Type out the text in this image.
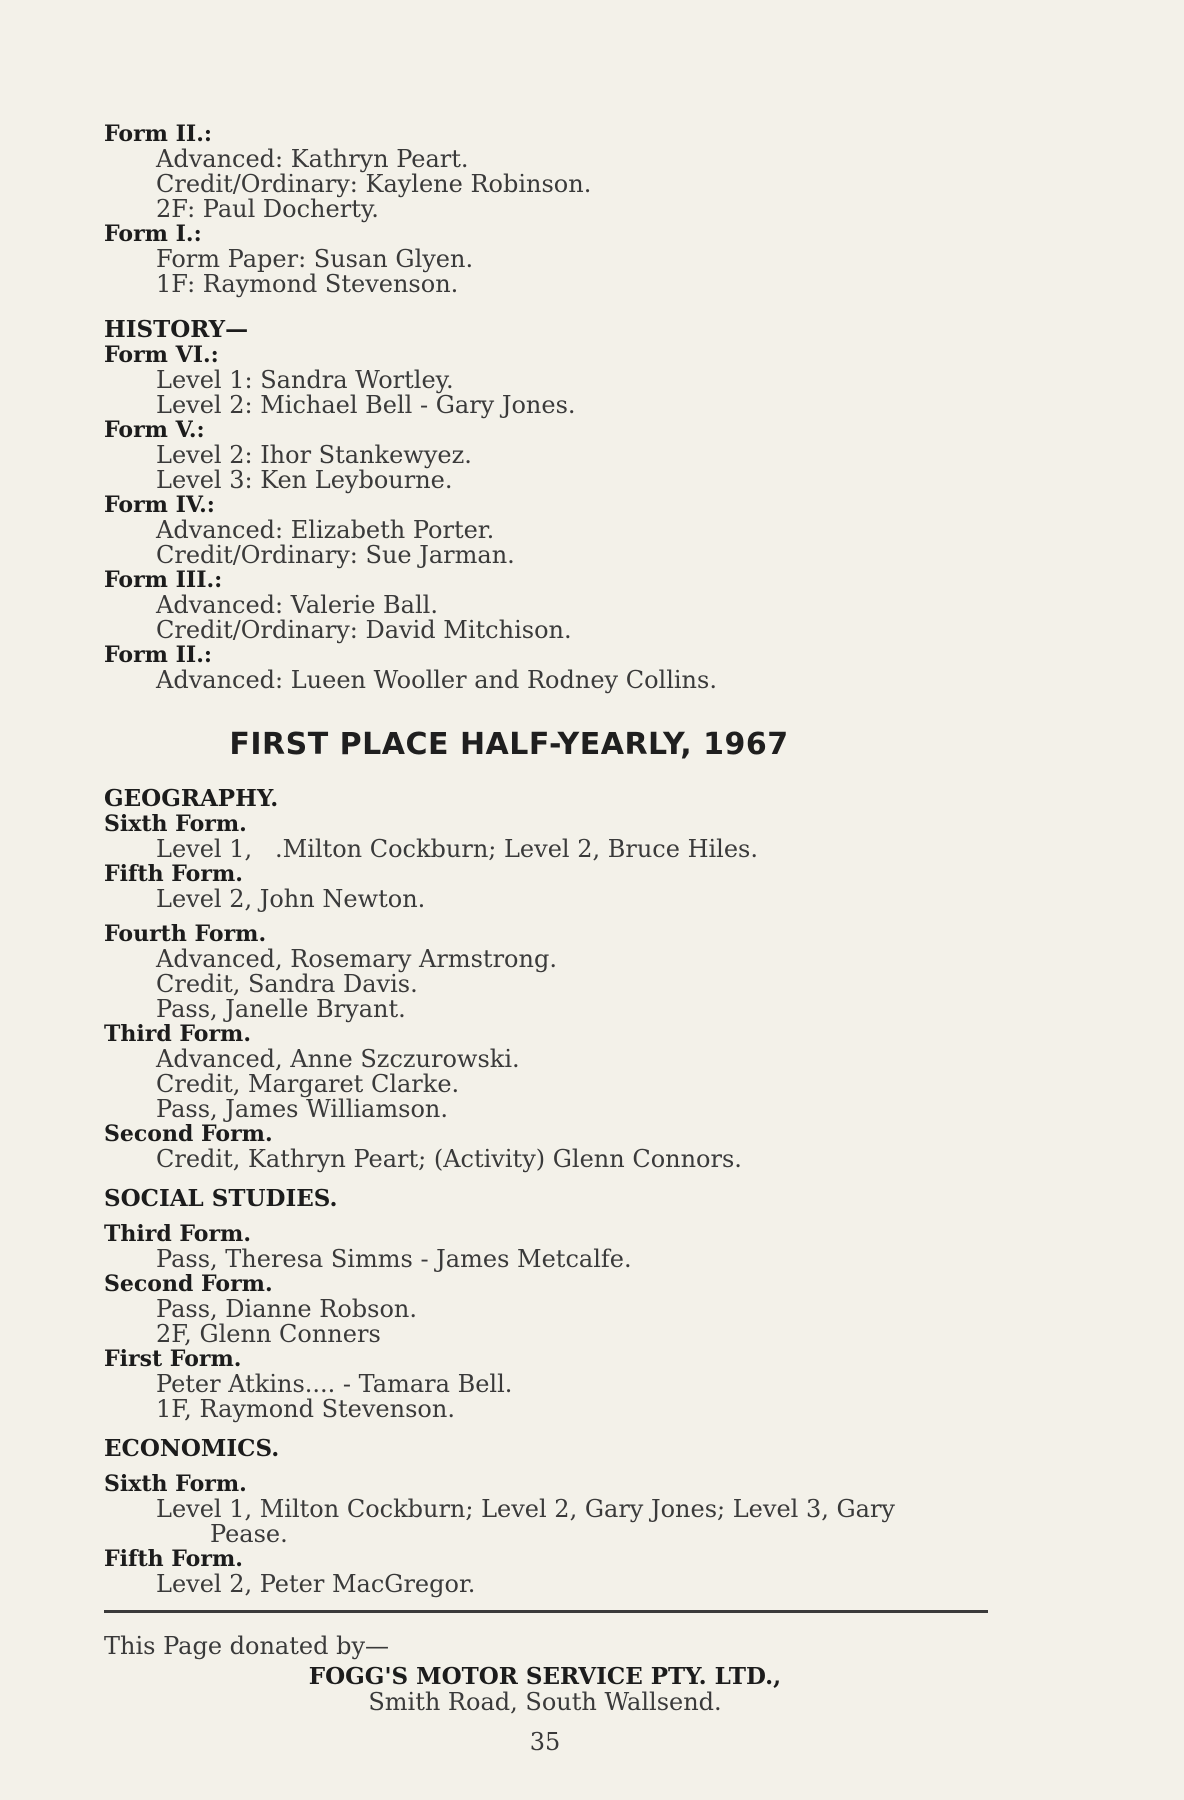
Form II.:
Advanced: Kathryn Peart.
Credit/Ordinary: Kaylene Robinson.
2F: Paul Docherty.
Form I.:
Form Paper: Susan Glyen.
1F: Raymond Stevenson.
HISTORY—
Form VI.:
Level 1: Sandra Wortley.
Level 2: Michael Bell - Gary Jones.
Form V.:
Level 2: Ihor Stankewyez.
Level 3: Ken Leybourne.
Form IV.:
Advanced: Elizabeth Porter.
Credit/Ordinary: Sue Jarman.
Form III.:
Advanced: Valerie Ball.
Credit/Ordinary: David Mitchison.
Form II.:
Advanced: Lueen Wooller and Rodney Collins.
FIRST PLACE HALF-YEARLY, 1967
GEOGRAPHY.
Sixth Form.
Level 1,   .Milton Cockburn; Level 2, Bruce Hiles.
Fifth Form.
Level 2, John Newton.
Fourth Form.
Advanced, Rosemary Armstrong.
Credit, Sandra Davis.
Pass, Janelle Bryant.
Third Form.
Advanced, Anne Szczurowski.
Credit, Margaret Clarke.
Pass, James Williamson.
Second Form.
Credit, Kathryn Peart; (Activity) Glenn Connors.
SOCIAL STUDIES.
Third Form.
Pass, Theresa Simms - James Metcalfe.
Second Form.
Pass, Dianne Robson.
2F, Glenn Conners
First Form.
Peter Atkins.... - Tamara Bell.
1F, Raymond Stevenson.
ECONOMICS.
Sixth Form.
Level 1, Milton Cockburn; Level 2, Gary Jones; Level 3, Gary
Pease.
Fifth Form.
Level 2, Peter MacGregor.
This Page donated by—
FOGG'S MOTOR SERVICE PTY. LTD.,
Smith Road, South Wallsend.
35
